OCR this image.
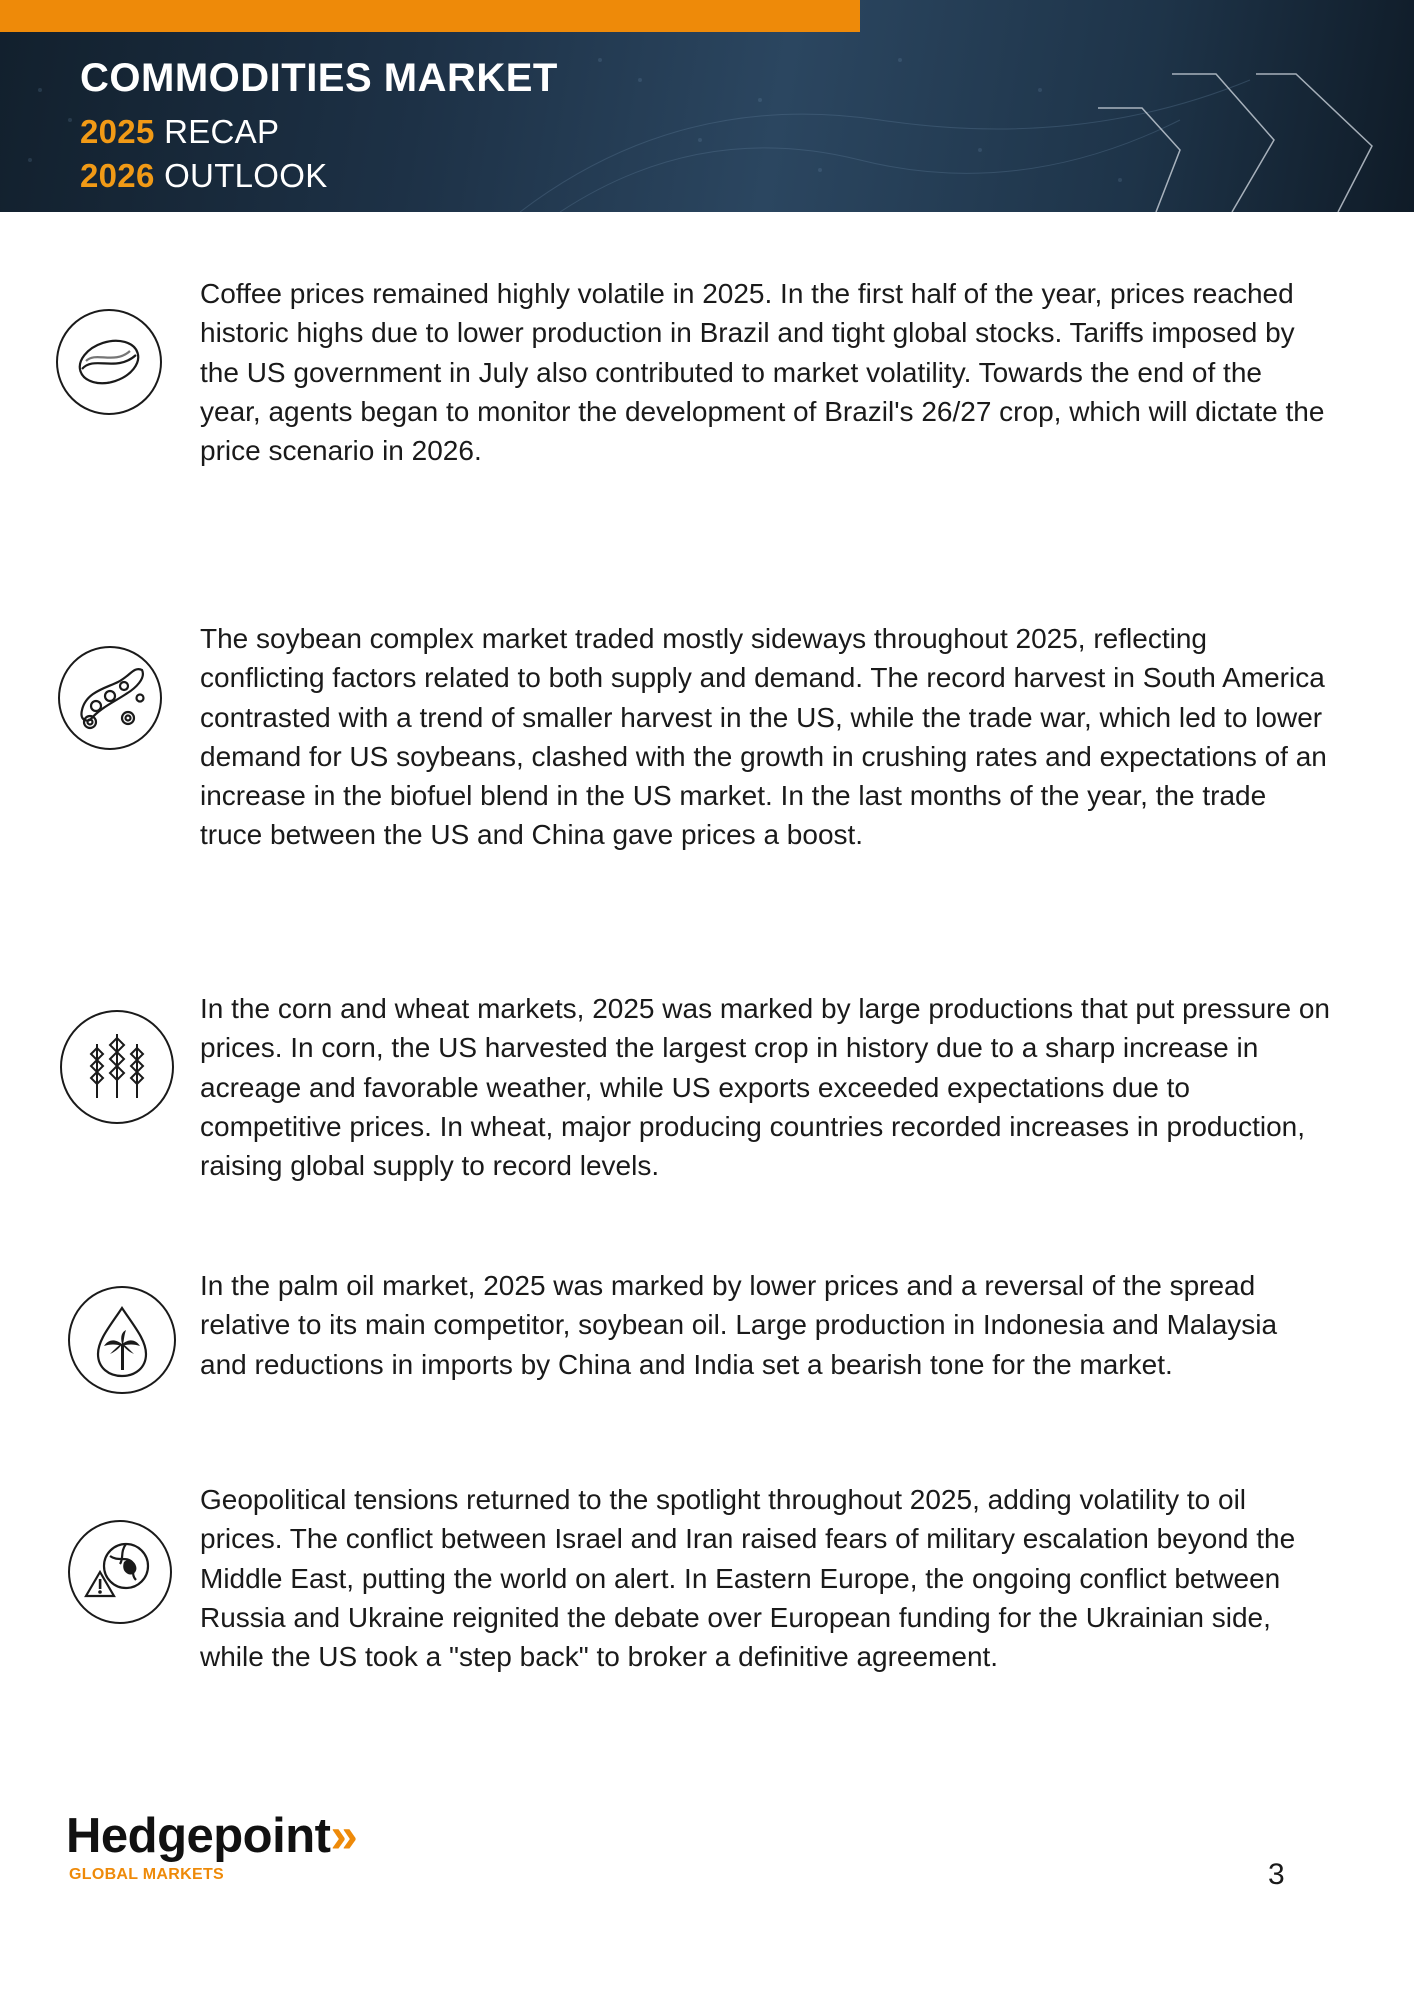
COMMODITIES MARKET

2025 RECAP

2026 OUTLOOK

Coffee prices remained highly volatile in 2025. In the first half of the year, prices reached historic highs due to lower production in Brazil and tight global stocks. Tariffs imposed by the US government in July also contributed to market volatility. Towards the end of the year, agents began to monitor the development of Brazil's 26/27 crop, which will dictate the price scenario in 2026.

The soybean complex market traded mostly sideways throughout 2025, reflecting conflicting factors related to both supply and demand. The record harvest in South America contrasted with a trend of smaller harvest in the US, while the trade war, which led to lower demand for US soybeans, clashed with the growth in crushing rates and expectations of an increase in the biofuel blend in the US market. In the last months of the year, the trade truce between the US and China gave prices a boost.

In the corn and wheat markets, 2025 was marked by large productions that put pressure on prices. In corn, the US harvested the largest crop in history due to a sharp increase in acreage and favorable weather, while US exports exceeded expectations due to competitive prices. In wheat, major producing countries recorded increases in production, raising global supply to record levels.

In the palm oil market, 2025 was marked by lower prices and a reversal of the spread relative to its main competitor, soybean oil. Large production in Indonesia and Malaysia and reductions in imports by China and India set a bearish tone for the market.

Geopolitical tensions returned to the spotlight throughout 2025, adding volatility to oil prices. The conflict between Israel and Iran raised fears of military escalation beyond the Middle East, putting the world on alert. In Eastern Europe, the ongoing conflict between Russia and Ukraine reignited the debate over European funding for the Ukrainian side, while the US took a "step back" to broker a definitive agreement.

Hedgepoint»

GLOBAL MARKETS	3
